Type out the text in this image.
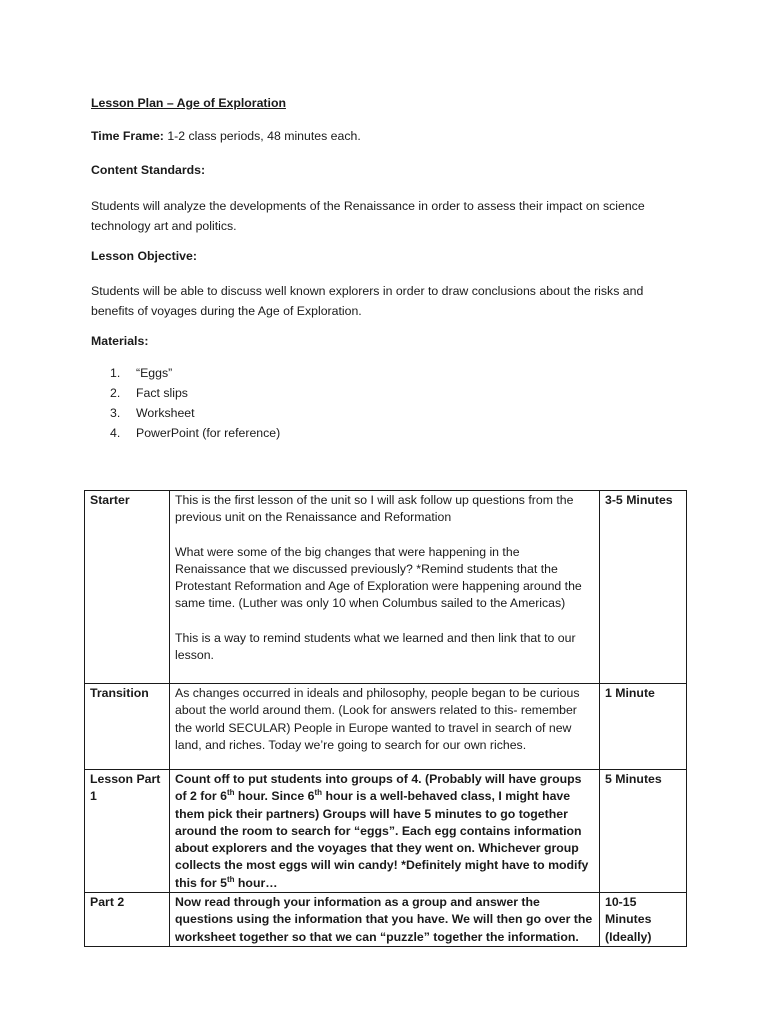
Lesson Plan – Age of Exploration
Time Frame: 1-2 class periods, 48 minutes each.
Content Standards:
Students will analyze the developments of the Renaissance in order to assess their impact on science technology art and politics.
Lesson Objective:
Students will be able to discuss well known explorers in order to draw conclusions about the risks and benefits of voyages during the Age of Exploration.
Materials:
1.	“Eggs”
2.	Fact slips
3.	Worksheet
4.	PowerPoint (for reference)
Starter	This is the first lesson of the unit so I will ask follow up questions from the previous unit on the Renaissance and Reformation
What were some of the big changes that were happening in the Renaissance that we discussed previously? *Remind students that the Protestant Reformation and Age of Exploration were happening around the same time. (Luther was only 10 when Columbus sailed to the Americas)
This is a way to remind students what we learned and then link that to our lesson.	3-5 Minutes
Transition	As changes occurred in ideals and philosophy, people began to be curious about the world around them. (Look for answers related to this- remember the world SECULAR) People in Europe wanted to travel in search of new land, and riches. Today we’re going to search for our own riches.	1 Minute
Lesson Part 1	Count off to put students into groups of 4. (Probably will have groups of 2 for 6th hour. Since 6th hour is a well-behaved class, I might have them pick their partners) Groups will have 5 minutes to go together around the room to search for “eggs”. Each egg contains information about explorers and the voyages that they went on. Whichever group collects the most eggs will win candy! *Definitely might have to modify this for 5th hour…	5 Minutes
Part 2	Now read through your information as a group and answer the questions using the information that you have. We will then go over the worksheet together so that we can “puzzle” together the information.	10-15 Minutes (Ideally)
